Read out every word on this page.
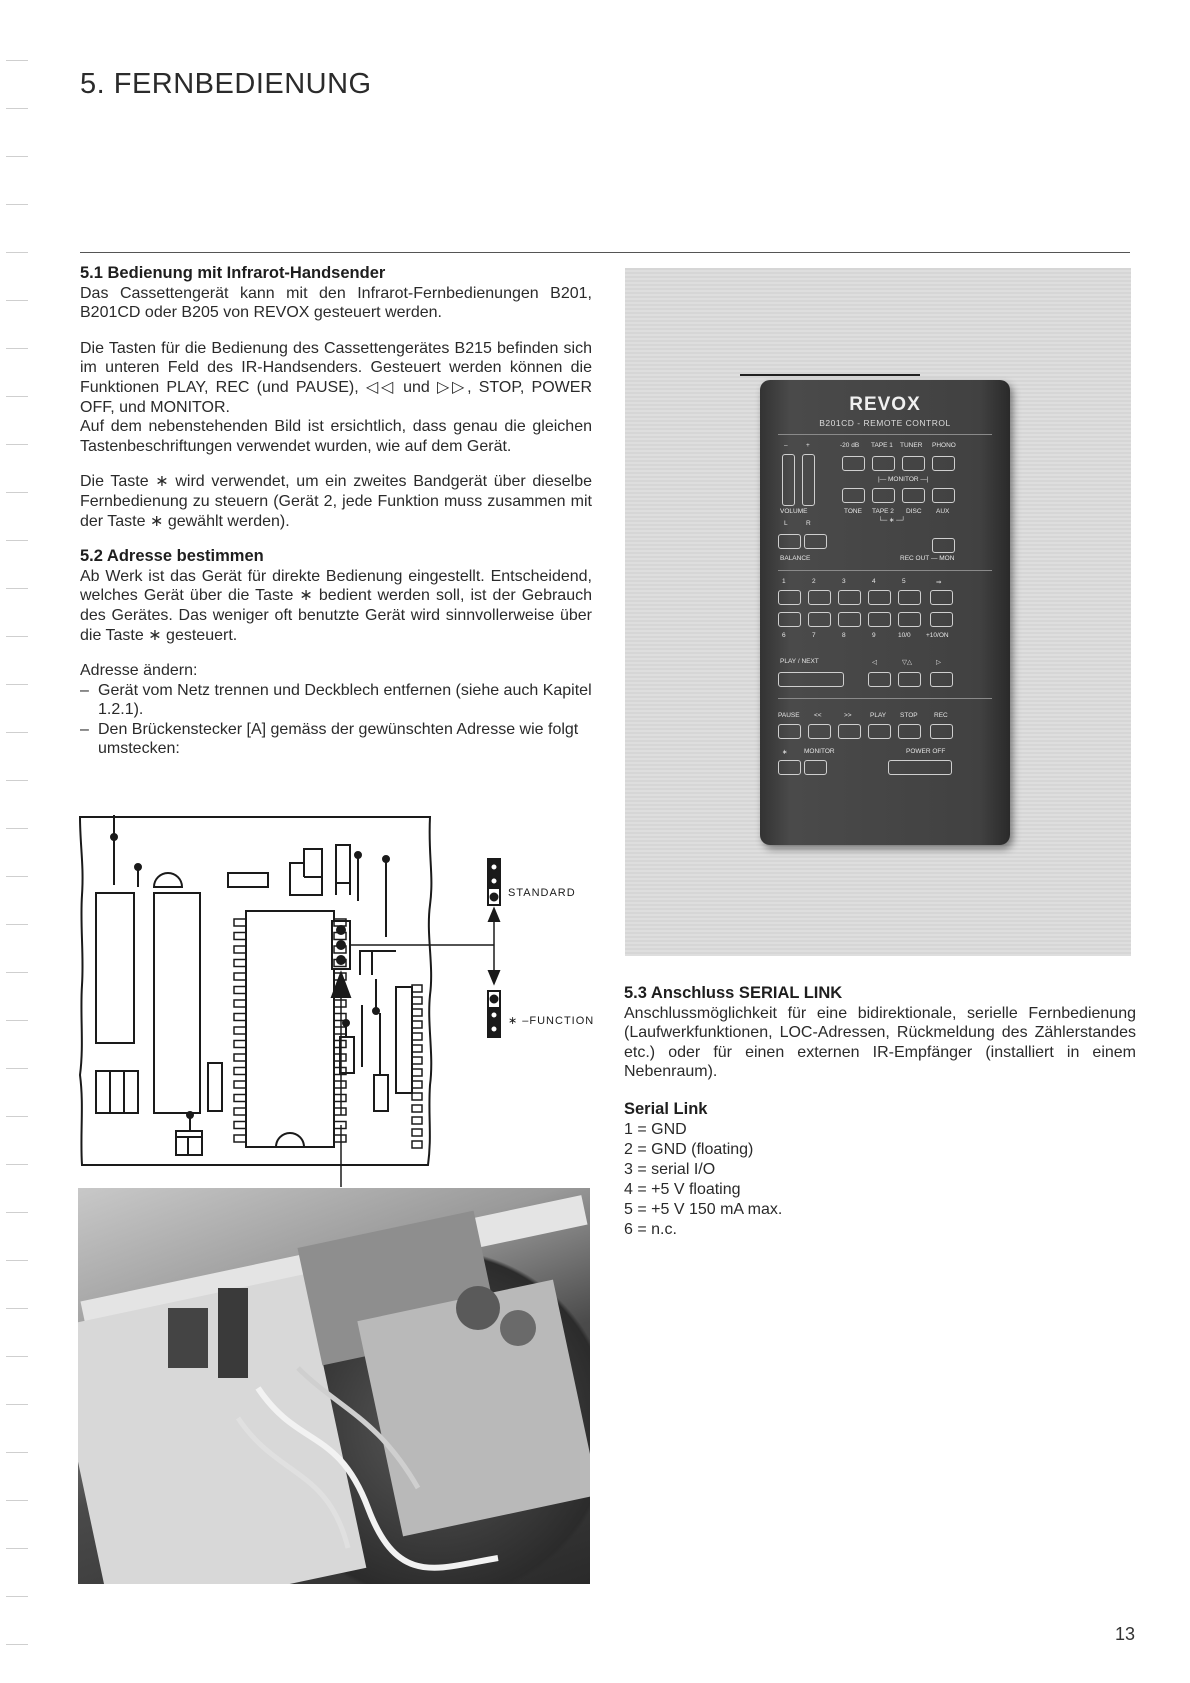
5. FERNBEDIENUNG
5.1 Bedienung mit Infrarot-Handsender

Das Cassettengerät kann mit den Infrarot-Fernbedienungen B201, B201CD oder B205 von REVOX gesteuert werden.

Die Tasten für die Bedienung des Cassettengerätes B215 befinden sich im unteren Feld des IR-Handsenders. Gesteuert werden können die Funktionen PLAY, REC (und PAUSE), ◁◁ und ▷▷, STOP, POWER OFF, und MONITOR.

Auf dem nebenstehenden Bild ist ersichtlich, dass genau die gleichen Tastenbeschriftungen verwendet wurden, wie auf dem Gerät.

Die Taste ∗ wird verwendet, um ein zweites Bandgerät über dieselbe Fernbedienung zu steuern (Gerät 2, jede Funktion muss zusammen mit der Taste ∗ gewählt werden).

5.2 Adresse bestimmen

Ab Werk ist das Gerät für direkte Bedienung eingestellt. Entscheidend, welches Gerät über die Taste ∗ bedient werden soll, ist der Gebrauch des Gerätes. Das weniger oft benutzte Gerät wird sinnvollerweise über die Taste ∗ gesteuert.

Adresse ändern:
– Gerät vom Netz trennen und Deckblech entfernen (siehe auch Kapitel 1.2.1).
– Den Brückenstecker [A] gemäss der gewünschten Adresse wie folgt umstecken:
STANDARD
∗ –FUNCTION
REVOX
B201CD - REMOTE CONTROL
–	+	-20 dB TAPE 1 TUNER PHONO
|— MONITOR —|
VOLUME	TONE TAPE 2 DISC AUX
L	R	└─ ∗ ─┘
BALANCE	REC OUT — MON
1	2	3	4	5	⇒
6	7	8	9	10/0 +10/ON
PLAY / NEXT	◁	▽△	▷
PAUSE <<	>>	PLAY STOP	REC
∗	MONITOR	POWER OFF
5.3 Anschluss SERIAL LINK

Anschlussmöglichkeit für eine bidirektionale, serielle Fernbedienung (Laufwerkfunktionen, LOC-Adressen, Rückmeldung des Zählerstandes etc.) oder für einen externen IR-Empfänger (installiert in einem Nebenraum).

Serial Link
1 = GND
2 = GND (floating)
3 = serial I/O
4 = +5 V floating
5 = +5 V 150 mA max.
6 = n.c.
13
